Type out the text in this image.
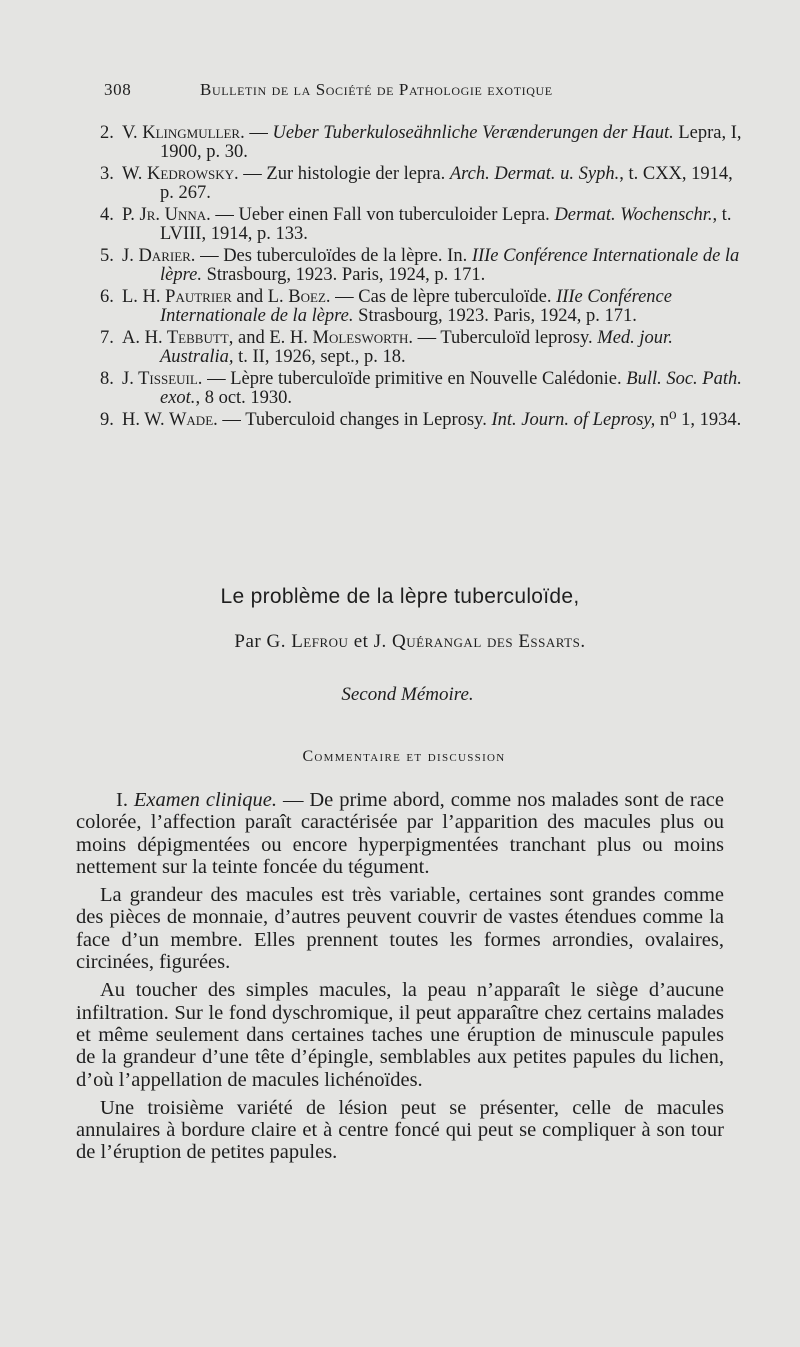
308	Bulletin de la Société de Pathologie exotique
2. V. Klingmuller. — Ueber Tuberkuloseähnliche Verænderungen der Haut. Lepra, I, 1900, p. 30.
3. W. Kedrowsky. — Zur histologie der lepra. Arch. Dermat. u. Syph., t. CXX, 1914, p. 267.
4. P. Jr. Unna. — Ueber einen Fall von tuberculoider Lepra. Dermat. Wochenschr., t. LVIII, 1914, p. 133.
5. J. Darier. — Des tuberculoïdes de la lèpre. In. IIIe Conférence Internationale de la lèpre. Strasbourg, 1923. Paris, 1924, p. 171.
6. L. H. Pautrier and L. Boez. — Cas de lèpre tuberculoïde. IIIe Conférence Internationale de la lèpre. Strasbourg, 1923. Paris, 1924, p. 171.
7. A. H. Tebbutt, and E. H. Molesworth. — Tuberculoïd leprosy. Med. jour. Australia, t. II, 1926, sept., p. 18.
8. J. Tisseuil. — Lèpre tuberculoïde primitive en Nouvelle Calédonie. Bull. Soc. Path. exot., 8 oct. 1930.
9. H. W. Wade. — Tuberculoid changes in Leprosy. Int. Journ. of Leprosy, n⁰ 1, 1934.
Le problème de la lèpre tuberculoïde,
Par G. Lefrou et J. Quérangal des Essarts.
Second Mémoire.
Commentaire et discussion

I. Examen clinique. — De prime abord, comme nos malades sont de race colorée, l’affection paraît caractérisée par l’apparition des macules plus ou moins dépigmentées ou encore hyperpigmentées tranchant plus ou moins nettement sur la teinte foncée du tégument.

La grandeur des macules est très variable, certaines sont grandes comme des pièces de monnaie, d’autres peuvent couvrir de vastes étendues comme la face d’un membre. Elles prennent toutes les formes arrondies, ovalaires, circinées, figurées.

Au toucher des simples macules, la peau n’apparaît le siège d’aucune infiltration. Sur le fond dyschromique, il peut apparaître chez certains malades et même seulement dans certaines taches une éruption de minuscule papules de la grandeur d’une tête d’épingle, semblables aux petites papules du lichen, d’où l’appellation de macules lichénoïdes.

Une troisième variété de lésion peut se présenter, celle de macules annulaires à bordure claire et à centre foncé qui peut se compliquer à son tour de l’éruption de petites papules.
